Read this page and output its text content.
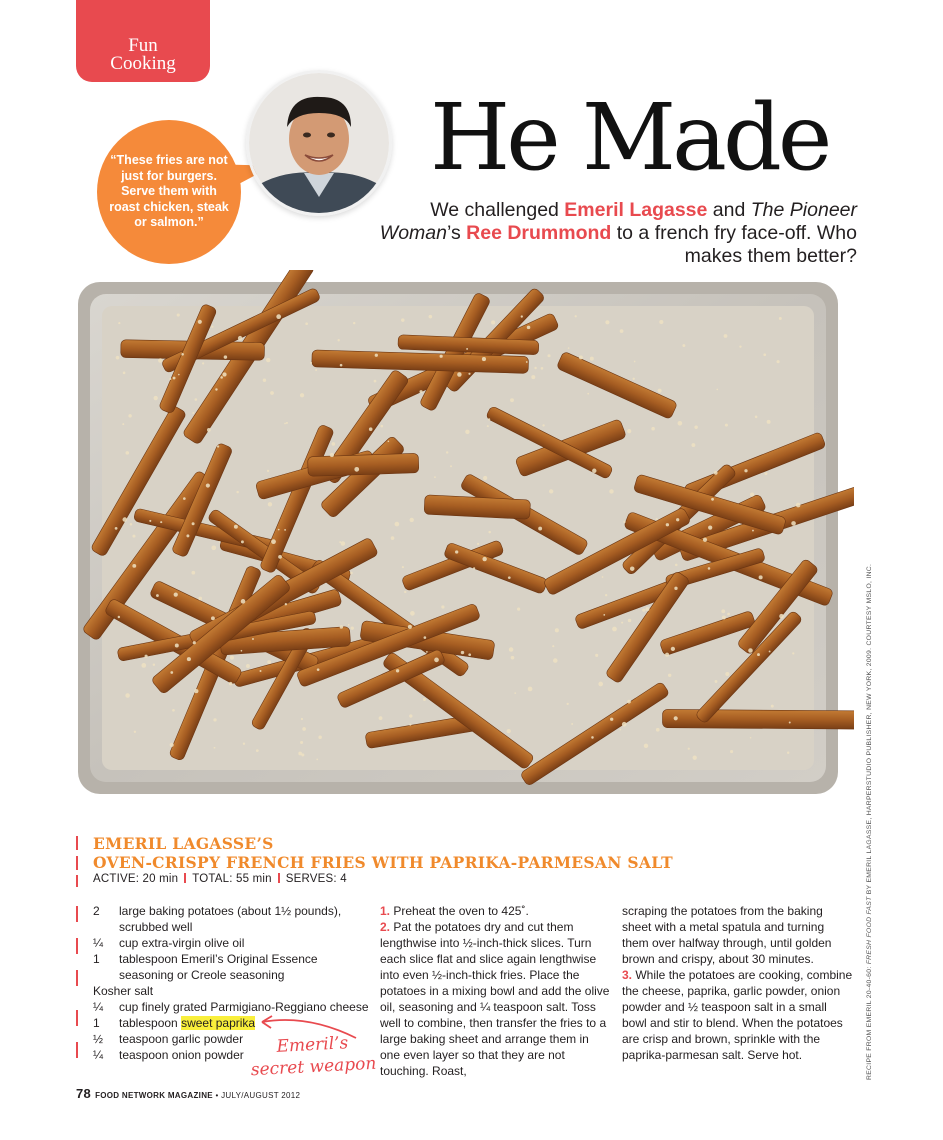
Fun
Cooking
“These fries are not just for burgers. Serve them with roast chicken, steak or salmon.”
He Made
We challenged Emeril Lagasse and The Pioneer Woman’s Ree Drummond to a french fry face-off. Who makes them better?
RECIPE FROM EMERIL 20-40-60: FRESH FOOD FAST BY EMERIL LAGASSE, HARPERSTUDIO PUBLISHER, NEW YORK, 2009. COURTESY MSLO, INC.
EMERIL LAGASSE’S
OVEN-CRISPY FRENCH FRIES WITH PAPRIKA-PARMESAN SALT
ACTIVE: 20 min TOTAL: 55 min SERVES: 4
2	large baking potatoes (about 1½ pounds), scrubbed well
¼	cup extra-virgin olive oil
1	tablespoon Emeril’s Original Essence seasoning or Creole seasoning
Kosher salt
¼	cup finely grated Parmigiano-Reggiano cheese
1	tablespoon sweet paprika
½	teaspoon garlic powder
¼	teaspoon onion powder	Emeril’s secret weapon

1. Preheat the oven to 425˚.

2. Pat the potatoes dry and cut them lengthwise into ½-inch-thick slices. Turn each slice flat and slice again lengthwise into even ½-inch-thick fries. Place the potatoes in a mixing bowl and add the olive oil, seasoning and ¼ teaspoon salt. Toss well to combine, then transfer the fries to a large baking sheet and arrange them in one even layer so that they are not touching. Roast,

scraping the potatoes from the baking sheet with a metal spatula and turning them over halfway through, until golden brown and crispy, about 30 minutes.

3. While the potatoes are cooking, combine the cheese, paprika, garlic powder, onion powder and ½ teaspoon salt in a small bowl and stir to blend. When the potatoes are crisp and brown, sprinkle with the paprika-parmesan salt. Serve hot.

78 FOOD NETWORK MAGAZINE • JULY/AUGUST 2012
